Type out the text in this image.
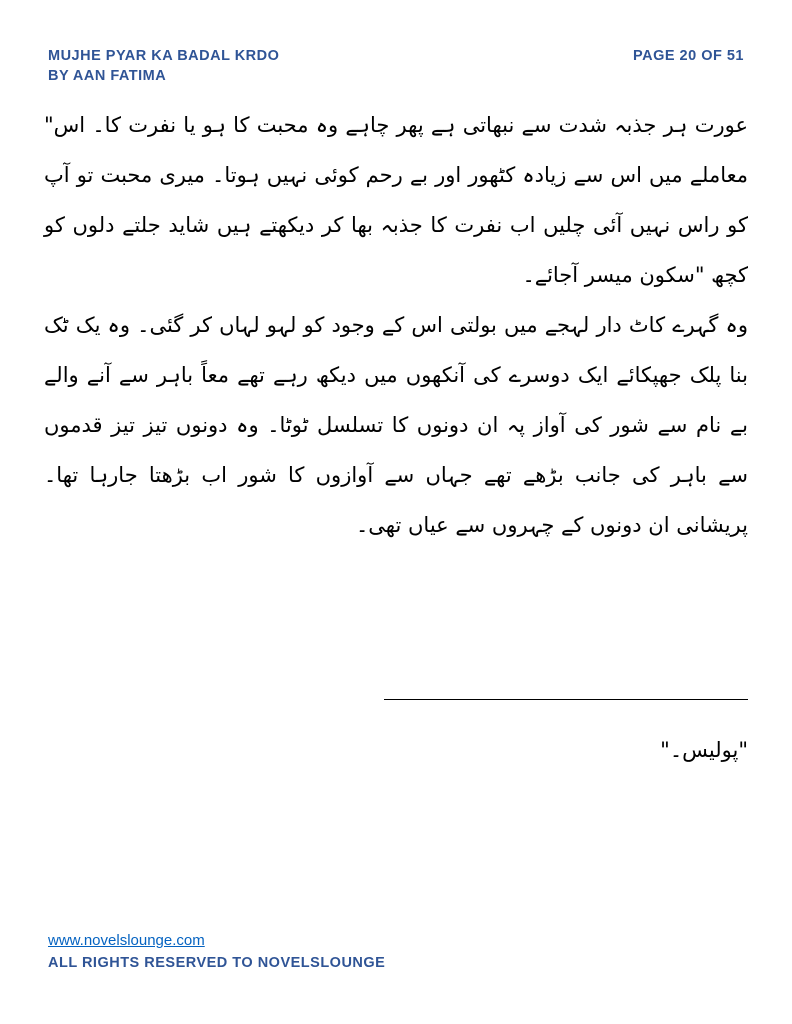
MUJHE PYAR KA BADAL KRDO
BY AAN FATIMA
PAGE 20 OF 51

عورت ہر جذبہ شدت سے نبھاتی ہے پھر چاہے وہ محبت کا ہو یا نفرت کا۔ اس" معاملے میں اس سے زیادہ کٹھور اور بے رحم کوئی نہیں ہوتا۔ میری محبت تو آپ کو راس نہیں آئی چلیں اب نفرت کا جذبہ بھا کر دیکھتے ہیں شاید جلتے دلوں کو کچھ "سکون میسر آجائے۔

وہ گہرے کاٹ دار لہجے میں بولتی اس کے وجود کو لہو لہاں کر گئی۔ وہ یک ٹک بنا پلک جھپکائے ایک دوسرے کی آنکھوں میں دیکھ رہے تھے معاً باہر سے آنے والے بے نام سے شور کی آواز پہ ان دونوں کا تسلسل ٹوٹا۔ وہ دونوں تیز تیز قدموں سے باہر کی جانب بڑھے تھے جہاں سے آوازوں کا شور اب بڑھتا جارہا تھا۔ پریشانی ان دونوں کے چہروں سے عیاں تھی۔

"پولیس۔"
www.novelslounge.com
ALL RIGHTS RESERVED TO NOVELSLOUNGE
